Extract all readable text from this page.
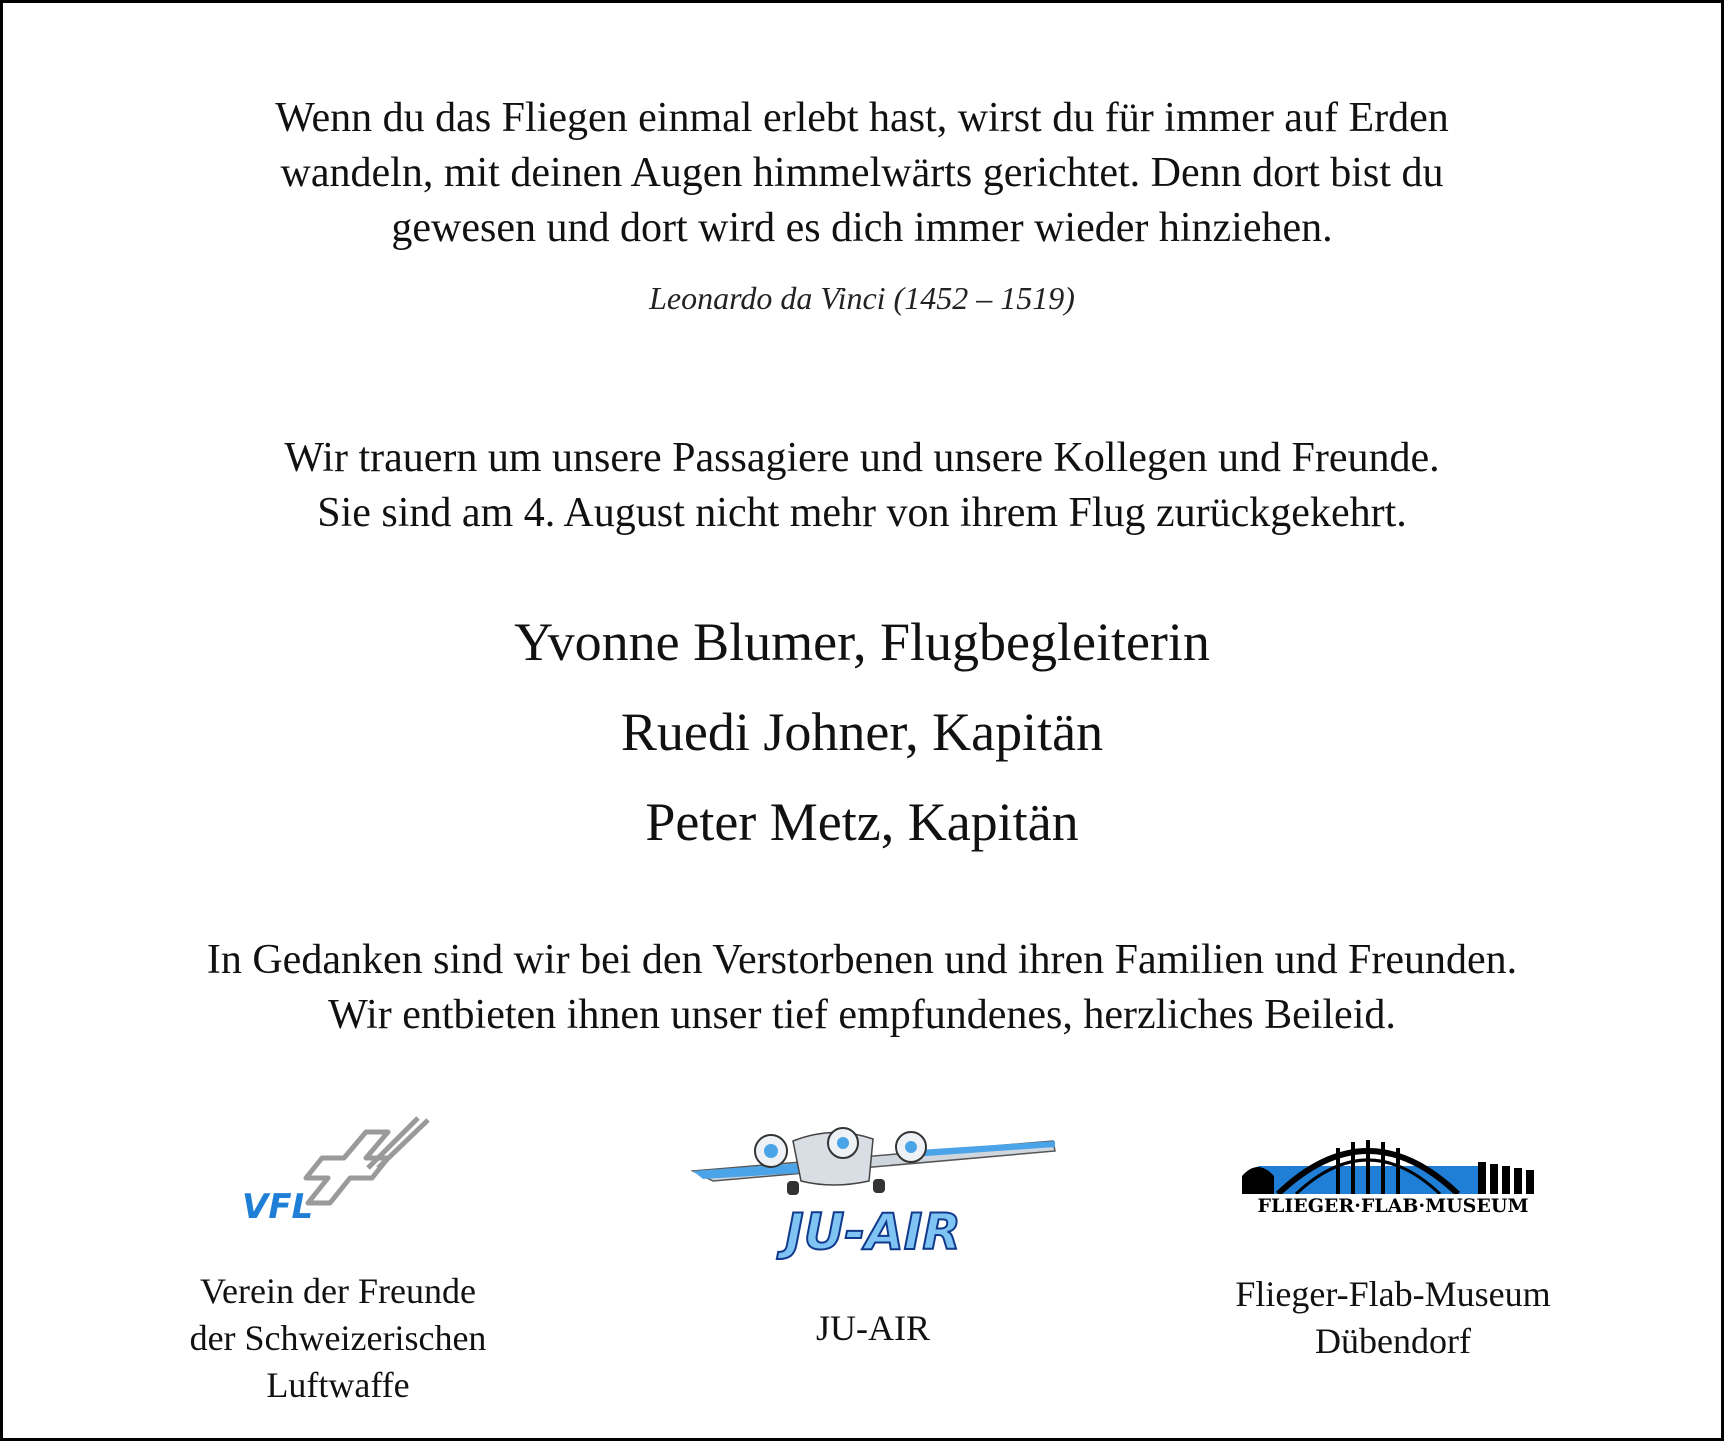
Wenn du das Fliegen einmal erlebt hast, wirst du für immer auf Erden
wandeln, mit deinen Augen himmelwärts gerichtet. Denn dort bist du
gewesen und dort wird es dich immer wieder hinziehen.
Leonardo da Vinci (1452 – 1519)
Wir trauern um unsere Passagiere und unsere Kollegen und Freunde.
Sie sind am 4. August nicht mehr von ihrem Flug zurückgekehrt.
Yvonne Blumer, Flugbegleiterin
Ruedi Johner, Kapitän
Peter Metz, Kapitän
In Gedanken sind wir bei den Verstorbenen und ihren Familien und Freunden.
Wir entbieten ihnen unser tief empfundenes, herzliches Beileid.
VFL
Verein der Freunde
der Schweizerischen
Luftwaffe
JU-AIR
JU-AIR
FLIEGER·FLAB·MUSEUM
Flieger-Flab-Museum
Dübendorf
